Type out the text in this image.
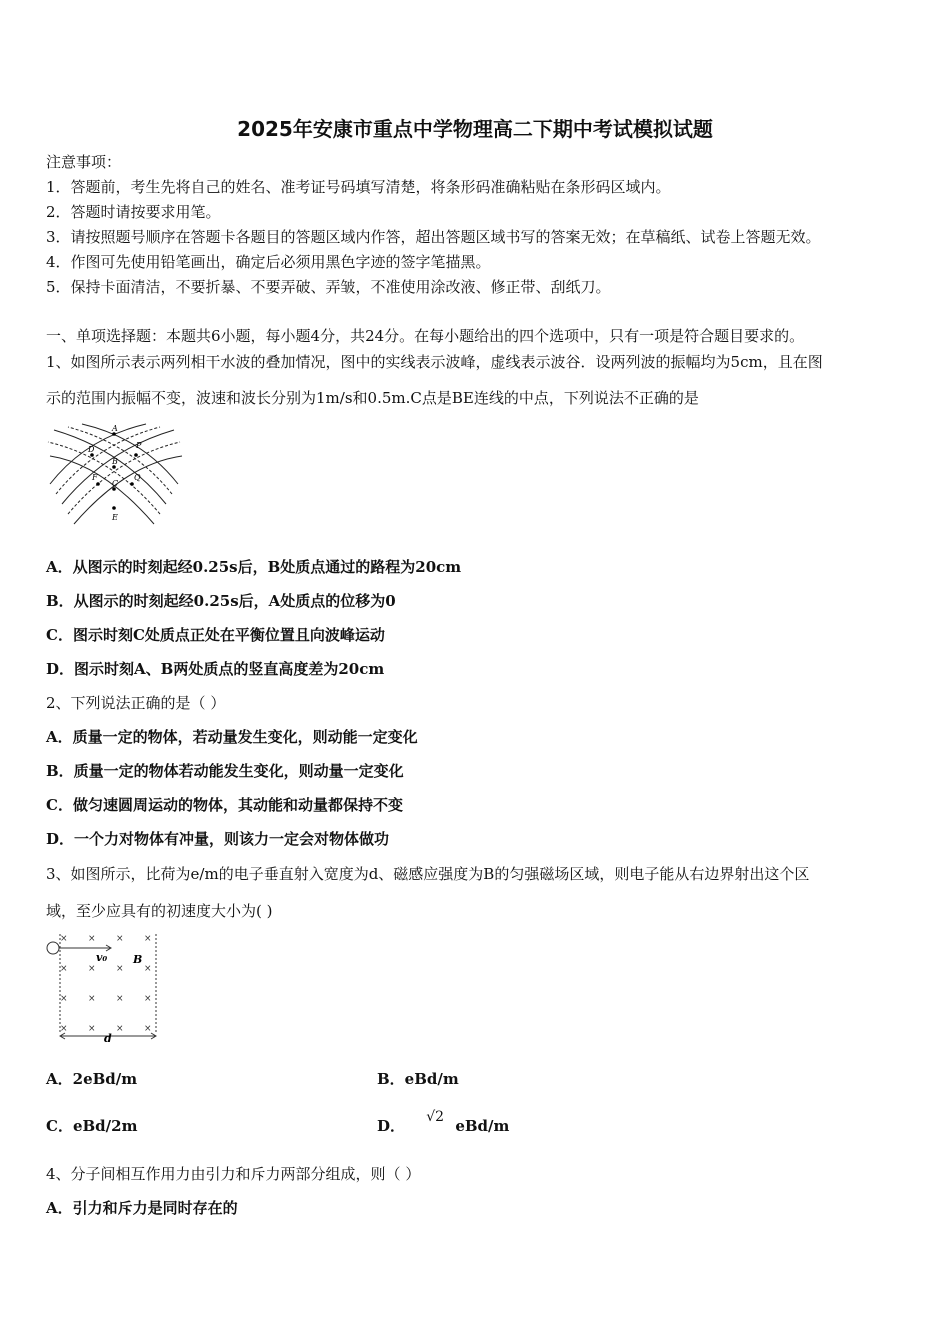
2025年安康市重点中学物理高二下期中考试模拟试题
注意事项：
1．答题前，考生先将自己的姓名、准考证号码填写清楚，将条形码准确粘贴在条形码区域内。
2．答题时请按要求用笔。
3．请按照题号顺序在答题卡各题目的答题区域内作答，超出答题区域书写的答案无效；在草稿纸、试卷上答题无效。
4．作图可先使用铅笔画出，确定后必须用黑色字迹的签字笔描黑。
5．保持卡面清洁，不要折暴、不要弄破、弄皱，不准使用涂改液、修正带、刮纸刀。
一、单项选择题：本题共6小题，每小题4分，共24分。在每小题给出的四个选项中，只有一项是符合题目要求的。
1、如图所示表示两列相干水波的叠加情况，图中的实线表示波峰，虚线表示波谷．设两列波的振幅均为5cm，且在图
示的范围内振幅不变，波速和波长分别为1m/s和0.5m.C点是BE连线的中点，下列说法不正确的是
A
D	P
B
F
C
Q
E
A．从图示的时刻起经0.25s后，B处质点通过的路程为20cm
B．从图示的时刻起经0.25s后，A处质点的位移为0
C．图示时刻C处质点正处在平衡位置且向波峰运动
D．图示时刻A、B两处质点的竖直高度差为20cm
2、下列说法正确的是（ ）
A．质量一定的物体，若动量发生变化，则动能一定变化
B．质量一定的物体若动能发生变化，则动量一定变化
C．做匀速圆周运动的物体，其动能和动量都保持不变
D．一个力对物体有冲量，则该力一定会对物体做功
3、如图所示，比荷为e/m的电子垂直射入宽度为d、磁感应强度为B的匀强磁场区域，则电子能从右边界射出这个区
域，至少应具有的初速度大小为( )
× × × ×
× × × ×
× × × ×
× × × ×
v₀ B
d
A．2eBd/m	B．eBd/m
C．eBd/2m	D． √2 eBd/m
4、分子间相互作用力由引力和斥力两部分组成，则（ ）
A．引力和斥力是同时存在的
